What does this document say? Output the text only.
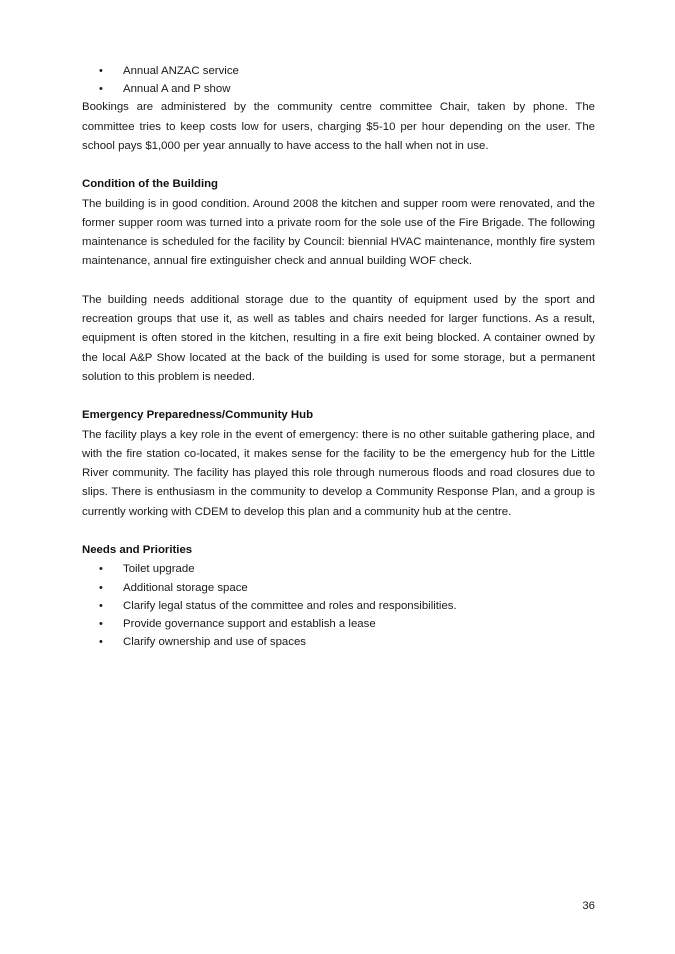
• Annual ANZAC service
• Annual A and P show

Bookings are administered by the community centre committee Chair, taken by phone. The committee tries to keep costs low for users, charging $5-10 per hour depending on the user. The school pays $1,000 per year annually to have access to the hall when not in use.

Condition of the Building

The building is in good condition. Around 2008 the kitchen and supper room were renovated, and the former supper room was turned into a private room for the sole use of the Fire Brigade. The following maintenance is scheduled for the facility by Council: biennial HVAC maintenance, monthly fire system maintenance, annual fire extinguisher check and annual building WOF check.

The building needs additional storage due to the quantity of equipment used by the sport and recreation groups that use it, as well as tables and chairs needed for larger functions. As a result, equipment is often stored in the kitchen, resulting in a fire exit being blocked. A container owned by the local A&P Show located at the back of the building is used for some storage, but a permanent solution to this problem is needed.

Emergency Preparedness/Community Hub

The facility plays a key role in the event of emergency: there is no other suitable gathering place, and with the fire station co-located, it makes sense for the facility to be the emergency hub for the Little River community. The facility has played this role through numerous floods and road closures due to slips. There is enthusiasm in the community to develop a Community Response Plan, and a group is currently working with CDEM to develop this plan and a community hub at the centre.

Needs and Priorities
• Toilet upgrade
• Additional storage space
• Clarify legal status of the committee and roles and responsibilities.
• Provide governance support and establish a lease
• Clarify ownership and use of spaces
36
